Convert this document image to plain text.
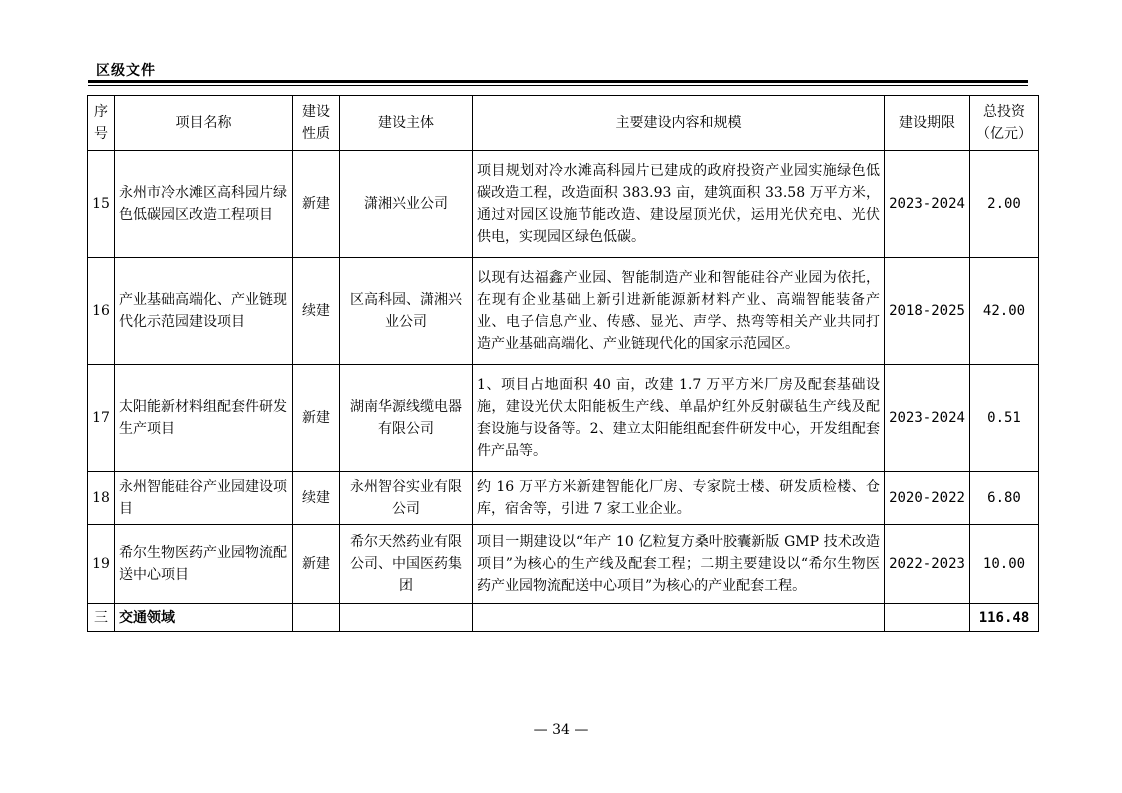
区级文件
序号	项目名称	建设性质	建设主体	主要建设内容和规模	建设期限	总投资（亿元）
15	永州市冷水滩区高科园片绿色低碳园区改造工程项目	新建	潇湘兴业公司	项目规划对冷水滩高科园片已建成的政府投资产业园实施绿色低碳改造工程，改造面积 383.93 亩，建筑面积 33.58 万平方米，通过对园区设施节能改造、建设屋顶光伏，运用光伏充电、光伏供电，实现园区绿色低碳。	2023-2024	2.00
16	产业基础高端化、产业链现代化示范园建设项目	续建	区高科园、潇湘兴业公司	以现有达福鑫产业园、智能制造产业和智能硅谷产业园为依托，在现有企业基础上新引进新能源新材料产业、高端智能装备产业、电子信息产业、传感、显光、声学、热弯等相关产业共同打造产业基础高端化、产业链现代化的国家示范园区。	2018-2025	42.00
17	太阳能新材料组配套件研发生产项目	新建	湖南华源线缆电器有限公司	1、项目占地面积 40 亩，改建 1.7 万平方米厂房及配套基础设施，建设光伏太阳能板生产线、单晶炉红外反射碳毡生产线及配套设施与设备等。2、建立太阳能组配套件研发中心，开发组配套件产品等。	2023-2024	0.51
18	永州智能硅谷产业园建设项目	续建	永州智谷实业有限公司	约 16 万平方米新建智能化厂房、专家院士楼、研发质检楼、仓库，宿舍等，引进 7 家工业企业。	2020-2022	6.80
19	希尔生物医药产业园物流配送中心项目	新建	希尔天然药业有限公司、中国医药集团	项目一期建设以“年产 10 亿粒复方桑叶胶囊新版 GMP 技术改造项目”为核心的生产线及配套工程；二期主要建设以“希尔生物医药产业园物流配送中心项目”为核心的产业配套工程。	2022-2023	10.00
三	交通领域					116.48
— 34 —
